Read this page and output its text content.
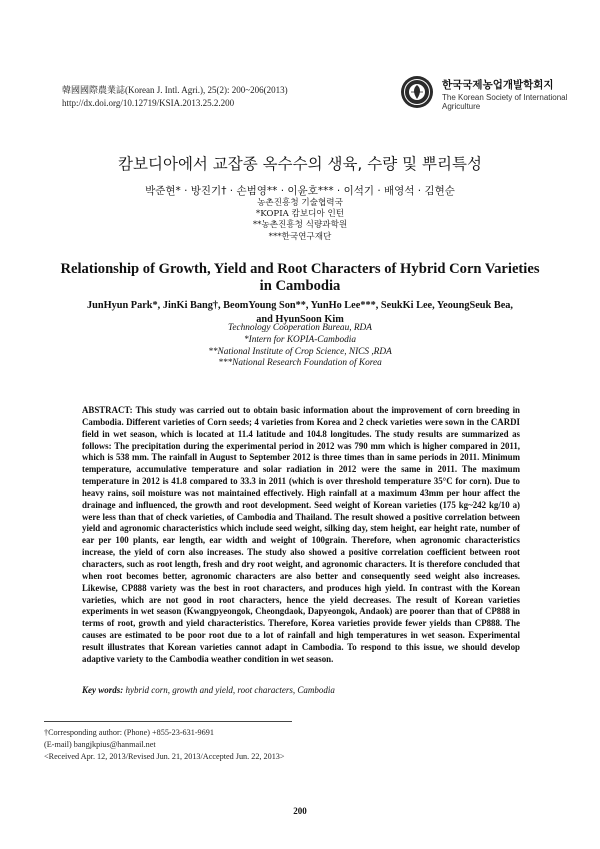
韓國國際農業誌(Korean J. Intl. Agri.), 25(2): 200~206(2013)
http://dx.doi.org/10.12719/KSIA.2013.25.2.200
한국국제농업개발학회지
The Korean Society of International
Agriculture
캄보디아에서 교잡종 옥수수의 생육, 수량 및 뿌리특성
박준현* · 방진기† · 손범영** · 이윤호*** · 이석기 · 배영석 · 김현순
농촌진흥청 기술협력국
*KOPIA 캄보디아 인턴
**농촌진흥청 식량과학원
***한국연구재단
Relationship of Growth, Yield and Root Characters of Hybrid Corn Varieties
in Cambodia
JunHyun Park*, JinKi Bang†, BeomYoung Son**, YunHo Lee***, SeukKi Lee, YeoungSeuk Bea,
and HyunSoon Kim
Technology Cooperation Bureau, RDA
*Intern for KOPIA-Cambodia
**National Institute of Crop Science, NICS ,RDA
***National Research Foundation of Korea
ABSTRACT: This study was carried out to obtain basic information about the improvement of corn breeding in Cambodia. Different varieties of Corn seeds; 4 varieties from Korea and 2 check varieties were sown in the CARDI field in wet season, which is located at 11.4 latitude and 104.8 longitudes. The study results are summarized as follows: The precipitation during the experimental period in 2012 was 790 mm which is higher compared in 2011, which is 538 mm. The rainfall in August to September 2012 is three times than in same periods in 2011. Minimum temperature, accumulative temperature and solar radiation in 2012 were the same in 2011. The maximum temperature in 2012 is 41.8 compared to 33.3 in 2011 (which is over threshold temperature 35°C for corn). Due to heavy rains, soil moisture was not maintained effectively. High rainfall at a maximum 43mm per hour affect the drainage and influenced, the growth and root development. Seed weight of Korean varieties (175 kg~242 kg/10 a) were less than that of check varieties, of Cambodia and Thailand. The result showed a positive correlation between yield and agronomic characteristics which include seed weight, silking day, stem height, ear height rate, number of ear per 100 plants, ear length, ear width and weight of 100grain. Therefore, when agronomic characteristics increase, the yield of corn also increases. The study also showed a positive correlation coefficient between root characters, such as root length, fresh and dry root weight, and agronomic characters. It is therefore concluded that when root becomes better, agronomic characters are also better and consequently seed weight also increases. Likewise, CP888 variety was the best in root characters, and produces high yield. In contrast with the Korean varieties, which are not good in root characters, hence the yield decreases. The result of Korean varieties experiments in wet season (Kwangpyeongok, Cheongdaok, Dapyeongok, Andaok) are poorer than that of CP888 in terms of root, growth and yield characteristics. Therefore, Korea varieties provide fewer yields than CP888. The causes are estimated to be poor root due to a lot of rainfall and high temperatures in wet season. Experimental result illustrates that Korean varieties cannot adapt in Cambodia. To respond to this issue, we should develop adaptive variety to the Cambodia weather condition in wet season.
Key words: hybrid corn, growth and yield, root characters, Cambodia
†Corresponding author: (Phone) +855-23-631-9691
(E-mail) bangjkpius@hanmail.net
<Received Apr. 12, 2013/Revised Jun. 21, 2013/Accepted Jun. 22, 2013>
200
